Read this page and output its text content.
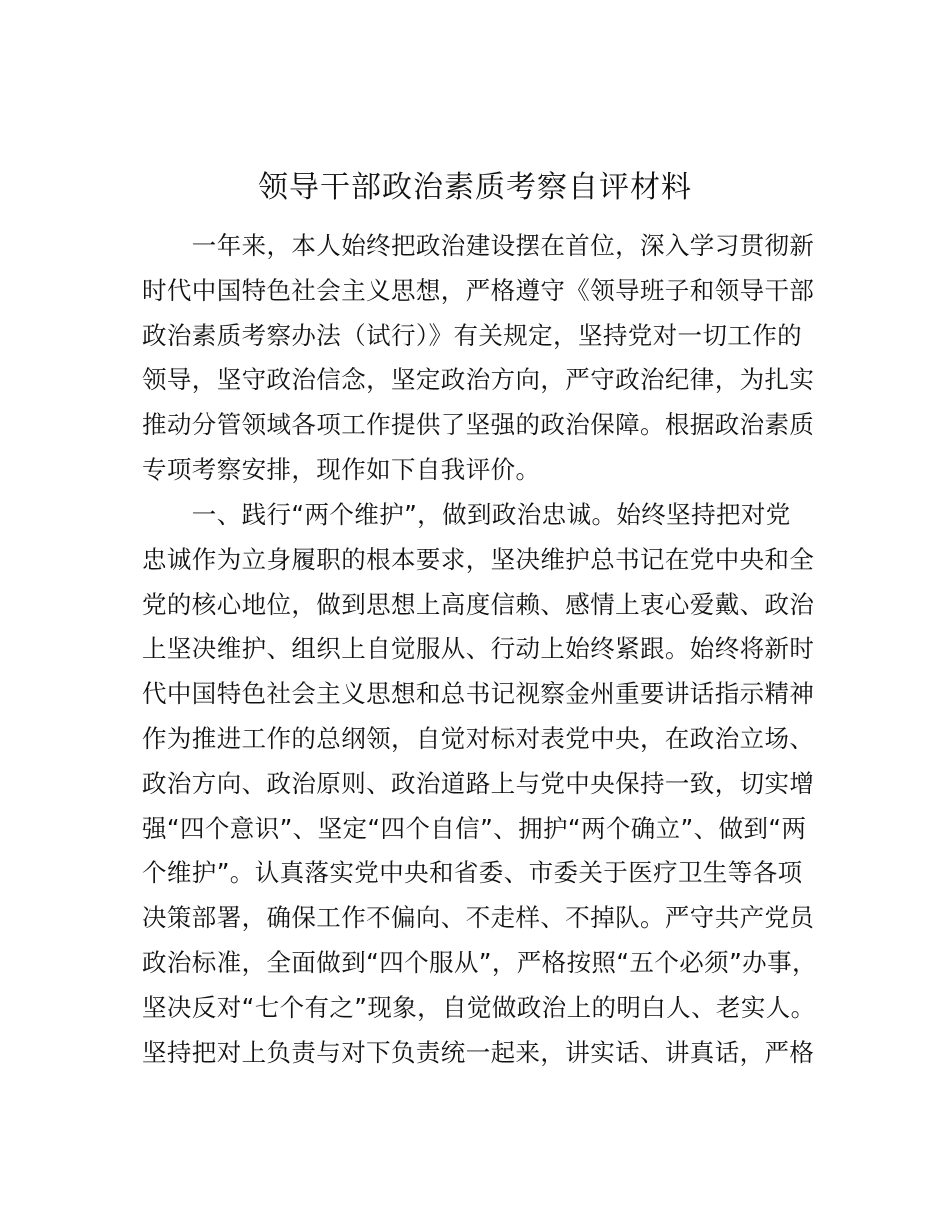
领导干部政治素质考察自评材料
　　一年来，本人始终把政治建设摆在首位，深入学习贯彻新
时代中国特色社会主义思想，严格遵守《领导班子和领导干部
政治素质考察办法（试行）》有关规定，坚持党对一切工作的
领导，坚守政治信念，坚定政治方向，严守政治纪律，为扎实
推动分管领域各项工作提供了坚强的政治保障。根据政治素质
专项考察安排，现作如下自我评价。
　　一、践行“两个维护”，做到政治忠诚。始终坚持把对党
忠诚作为立身履职的根本要求，坚决维护总书记在党中央和全
党的核心地位，做到思想上高度信赖、感情上衷心爱戴、政治
上坚决维护、组织上自觉服从、行动上始终紧跟。始终将新时
代中国特色社会主义思想和总书记视察金州重要讲话指示精神
作为推进工作的总纲领，自觉对标对表党中央，在政治立场、
政治方向、政治原则、政治道路上与党中央保持一致，切实增
强“四个意识”、坚定“四个自信”、拥护“两个确立”、做到“两
个维护”。认真落实党中央和省委、市委关于医疗卫生等各项
决策部署，确保工作不偏向、不走样、不掉队。严守共产党员
政治标准，全面做到“四个服从”，严格按照“五个必须”办事，
坚决反对“七个有之”现象，自觉做政治上的明白人、老实人。
坚持把对上负责与对下负责统一起来，讲实话、讲真话，严格
